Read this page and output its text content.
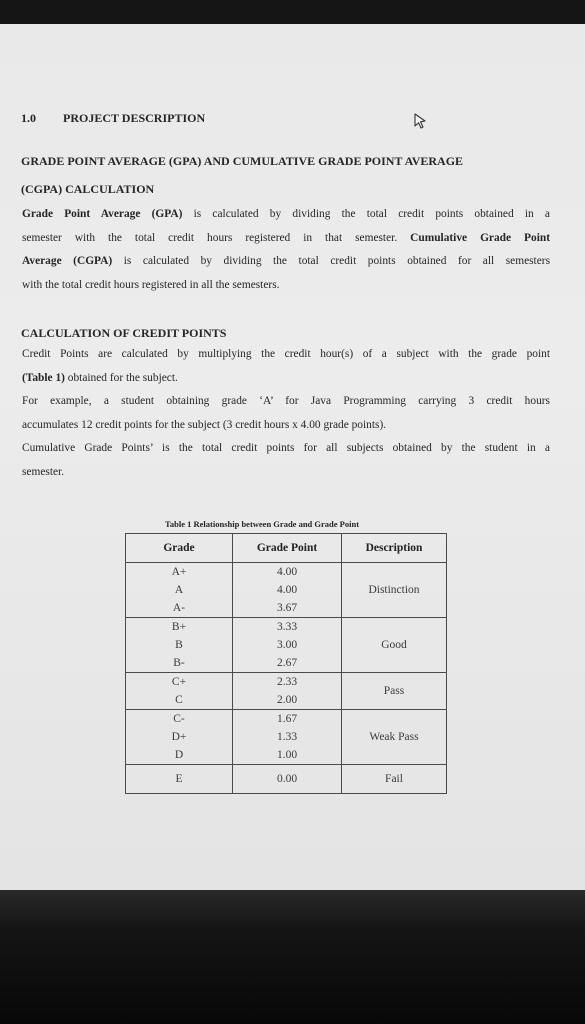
1.0 PROJECT DESCRIPTION
GRADE POINT AVERAGE (GPA) AND CUMULATIVE GRADE POINT AVERAGE
(CGPA) CALCULATION
Grade Point Average (GPA) is calculated by dividing the total credit points obtained in a
semester with the total credit hours registered in that semester. Cumulative Grade Point
Average (CGPA) is calculated by dividing the total credit points obtained for all semesters
with the total credit hours registered in all the semesters.
CALCULATION OF CREDIT POINTS
Credit Points are calculated by multiplying the credit hour(s) of a subject with the grade point
(Table 1) obtained for the subject.
For example, a student obtaining grade ‘A’ for Java Programming carrying 3 credit hours
accumulates 12 credit points for the subject (3 credit hours x 4.00 grade points).
Cumulative Grade Points’ is the total credit points for all subjects obtained by the student in a
semester.
Table 1 Relationship between Grade and Grade Point
Grade	Grade Point	Description
A+	4.00	Distinction
A	4.00	
A-	3.67	
B+	3.33	Good
B	3.00	
B-	2.67	
C+	2.33	Pass
C	2.00	
C-	1.67	Weak Pass
D+	1.33	
D	1.00	
E	0.00	Fail
